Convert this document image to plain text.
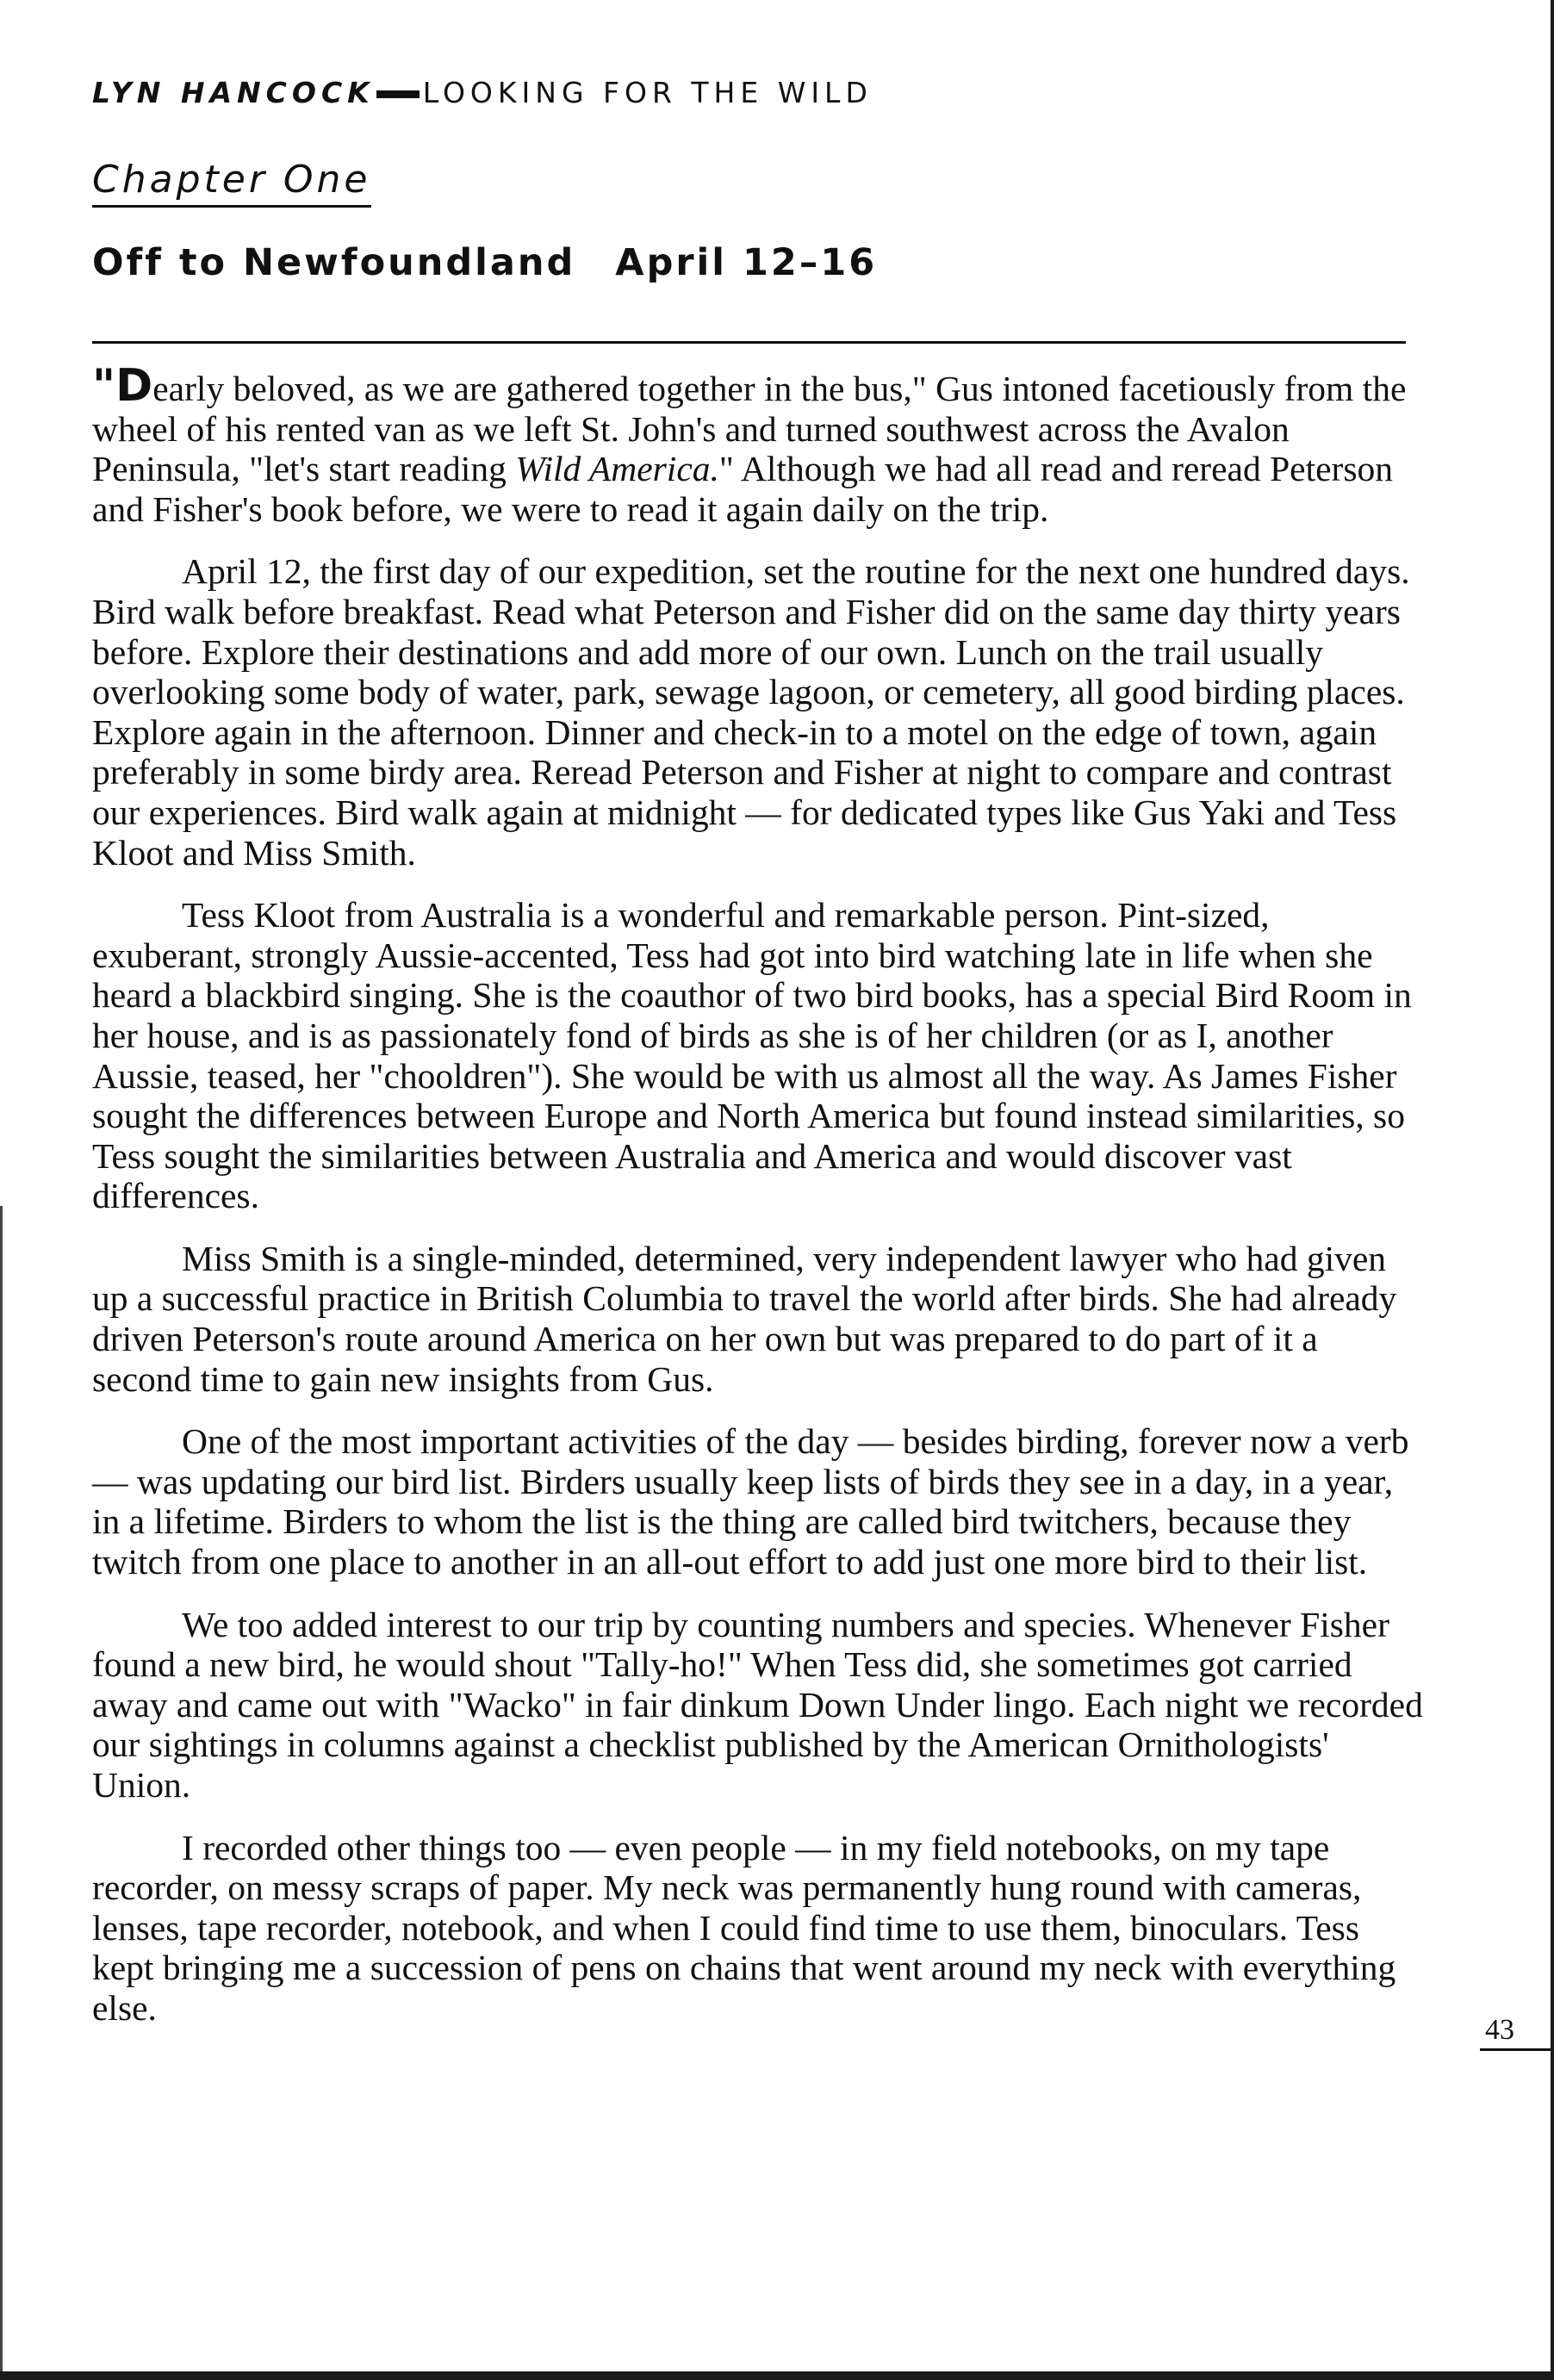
LYN HANCOCK LOOKING FOR THE WILD
Chapter One
Off to Newfoundland April 12–16

"Dearly beloved, as we are gathered together in the bus," Gus intoned facetiously from the wheel of his rented van as we left St. John's and turned southwest across the Avalon Peninsula, "let's start reading Wild America." Although we had all read and reread Peterson and Fisher's book before, we were to read it again daily on the trip.

April 12, the first day of our expedition, set the routine for the next one hundred days. Bird walk before breakfast. Read what Peterson and Fisher did on the same day thirty years before. Explore their destinations and add more of our own. Lunch on the trail usually overlooking some body of water, park, sewage lagoon, or cemetery, all good birding places. Explore again in the afternoon. Dinner and check-in to a motel on the edge of town, again preferably in some birdy area. Reread Peterson and Fisher at night to compare and contrast our experiences. Bird walk again at midnight — for dedicated types like Gus Yaki and Tess Kloot and Miss Smith.

Tess Kloot from Australia is a wonderful and remarkable person. Pint-sized, exuberant, strongly Aussie-accented, Tess had got into bird watching late in life when she heard a blackbird singing. She is the coauthor of two bird books, has a special Bird Room in her house, and is as passionately fond of birds as she is of her children (or as I, another Aussie, teased, her "chooldren"). She would be with us almost all the way. As James Fisher sought the differences between Europe and North America but found instead similarities, so Tess sought the similarities between Australia and America and would discover vast differences.

Miss Smith is a single-minded, determined, very independent lawyer who had given up a successful practice in British Columbia to travel the world after birds. She had already driven Peterson's route around America on her own but was prepared to do part of it a second time to gain new insights from Gus.

One of the most important activities of the day — besides birding, forever now a verb — was updating our bird list. Birders usually keep lists of birds they see in a day, in a year, in a lifetime. Birders to whom the list is the thing are called bird twitchers, because they twitch from one place to another in an all-out effort to add just one more bird to their list.

We too added interest to our trip by counting numbers and species. Whenever Fisher found a new bird, he would shout "Tally-ho!" When Tess did, she sometimes got carried away and came out with "Wacko" in fair dinkum Down Under lingo. Each night we recorded our sightings in columns against a checklist published by the American Ornithologists' Union.

I recorded other things too — even people — in my field notebooks, on my tape recorder, on messy scraps of paper. My neck was permanently hung round with cameras, lenses, tape recorder, notebook, and when I could find time to use them, binoculars. Tess kept bringing me a succession of pens on chains that went around my neck with everything else.

43
